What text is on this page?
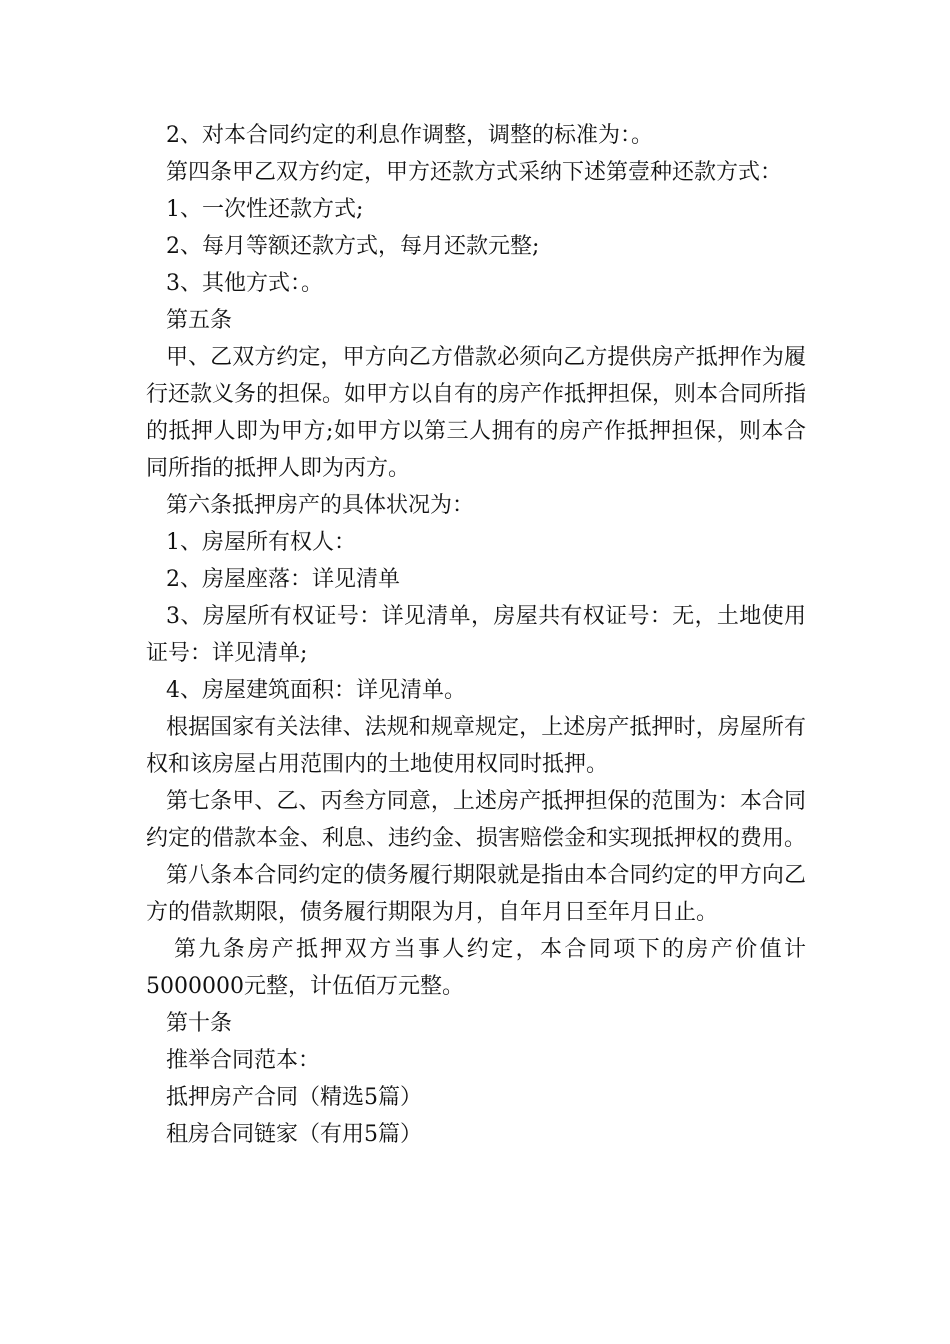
2、对本合同约定的利息作调整，调整的标准为：。

第四条甲乙双方约定，甲方还款方式采纳下述第壹种还款方式：

1、一次性还款方式;

2、每月等额还款方式，每月还款元整;

3、其他方式：。

第五条

甲、乙双方约定，甲方向乙方借款必须向乙方提供房产抵押作为履行还款义务的担保。如甲方以自有的房产作抵押担保，则本合同所指的抵押人即为甲方;如甲方以第三人拥有的房产作抵押担保，则本合同所指的抵押人即为丙方。

第六条抵押房产的具体状况为：

1、房屋所有权人：

2、房屋座落：详见清单

3、房屋所有权证号：详见清单，房屋共有权证号：无，土地使用证号：详见清单;

4、房屋建筑面积：详见清单。

根据国家有关法律、法规和规章规定，上述房产抵押时，房屋所有权和该房屋占用范围内的土地使用权同时抵押。

第七条甲、乙、丙叁方同意，上述房产抵押担保的范围为：本合同约定的借款本金、利息、违约金、损害赔偿金和实现抵押权的费用。

第八条本合同约定的债务履行期限就是指由本合同约定的甲方向乙方的借款期限，债务履行期限为月，自年月日至年月日止。

第九条房产抵押双方当事人约定，本合同项下的房产价值计5000000元整，计伍佰万元整。

第十条

推举合同范本：

抵押房产合同（精选5篇）

租房合同链家（有用5篇）
